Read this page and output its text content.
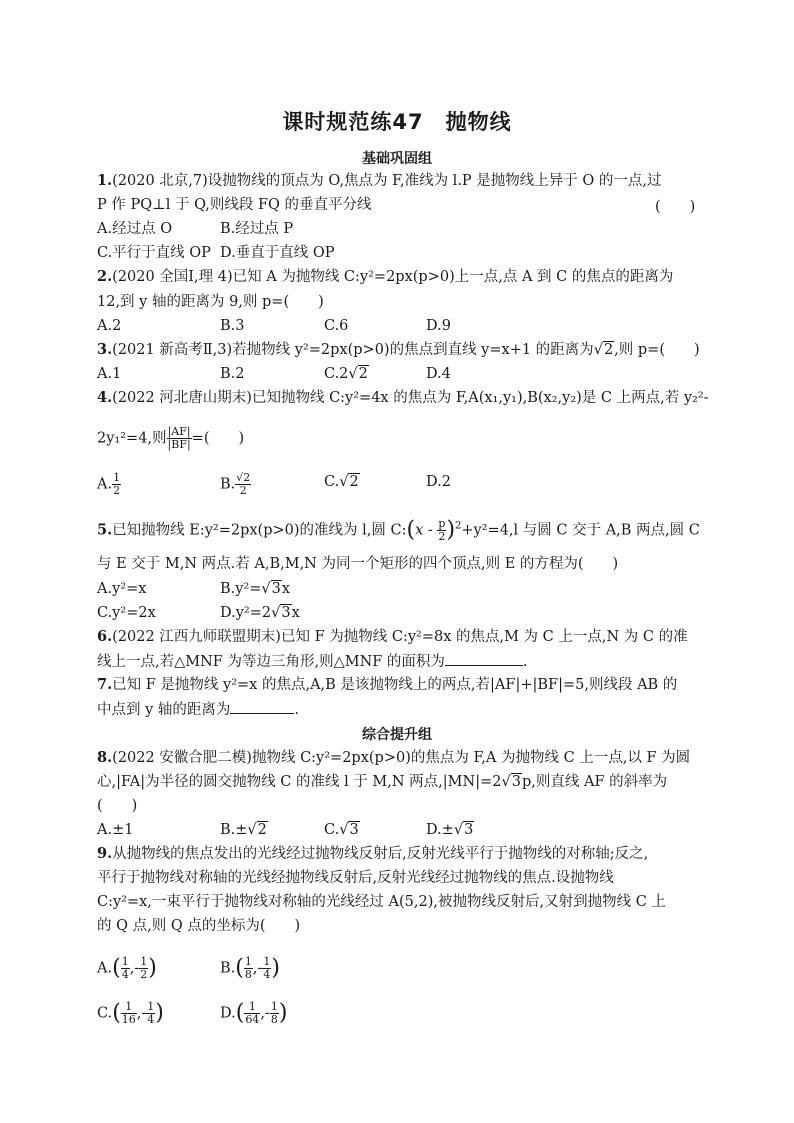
课时规范练47　抛物线
基础巩固组
1.(2020 北京,7)设抛物线的顶点为 O,焦点为 F,准线为 l.P 是抛物线上异于 O 的一点,过
P 作 PQ⊥l 于 Q,则线段 FQ 的垂直平分线	(　　)
A.经过点 O	B.经过点 P
C.平行于直线 OP D.垂直于直线 OP
2.(2020 全国Ⅰ,理 4)已知 A 为抛物线 C:y²=2px(p>0)上一点,点 A 到 C 的焦点的距离为
12,到 y 轴的距离为 9,则 p=(　　)
A.2	B.3	C.6	D.9
3.(2021 新高考Ⅱ,3)若抛物线 y²=2px(p>0)的焦点到直线 y=x+1 的距离为√2,则 p=(　　)
A.1	B.2	C.2√2	D.4
4.(2022 河北唐山期末)已知抛物线 C:y²=4x 的焦点为 F,A(x₁,y₁),B(x₂,y₂)是 C 上两点,若 y₂²-
2y₁²=4,则 $\frac{|AF|}{|BF|}$ =(　　)
A. $\frac{1}{2}$	B. $\frac{√2}{2}$	C.√2	D.2
5.已知抛物线 E:y²=2px(p>0)的准线为 l,圆 C:(x - $\frac{p}{2} )^2+y^2=4,l$ 与圆 C 交于 A,B 两点,圆 C
与 E 交于 M,N 两点.若 A,B,M,N 为同一个矩形的四个顶点,则 E 的方程为(　　)
A.y²=x	B.y²=√3x
C.y²=2x	D.y²=2√3x
6.(2022 江西九师联盟期末)已知 F 为抛物线 C:y²=8x 的焦点,M 为 C 上一点,N 为 C 的准
线上一点,若△MNF 为等边三角形,则△MNF 的面积为	.
7.已知 F 是抛物线 y²=x 的焦点,A,B 是该抛物线上的两点,若|AF|+|BF|=5,则线段 AB 的
中点到 y 轴的距离为	.
综合提升组
8.(2022 安徽合肥二模)抛物线 C:y²=2px(p>0)的焦点为 F,A 为抛物线 C 上一点,以 F 为圆
心,|FA|为半径的圆交抛物线 C 的准线 l 于 M,N 两点,|MN|=2√3p,则直线 AF 的斜率为
(　　)
A.±1	B.±√2	C.√3	D.±√3
9.从抛物线的焦点发出的光线经过抛物线反射后,反射光线平行于抛物线的对称轴;反之,
平行于抛物线对称轴的光线经抛物线反射后,反射光线经过抛物线的焦点.设抛物线
C:y²=x,一束平行于抛物线对称轴的光线经过 A(5,2),被抛物线反射后,又射到抛物线 C 上
的 Q 点,则 Q 点的坐标为(　　)
$A.( \frac{1}{4}$ ,- $\frac{1}{2}$ )	$B.( \frac{1}{8}$ ,- $\frac{1}{4}$ )
$C.( \frac{1}{16}$ ,- $\frac{1}{4}$ )	$D.( \frac{1}{64}$ ,- $\frac{1}{8}$ )
